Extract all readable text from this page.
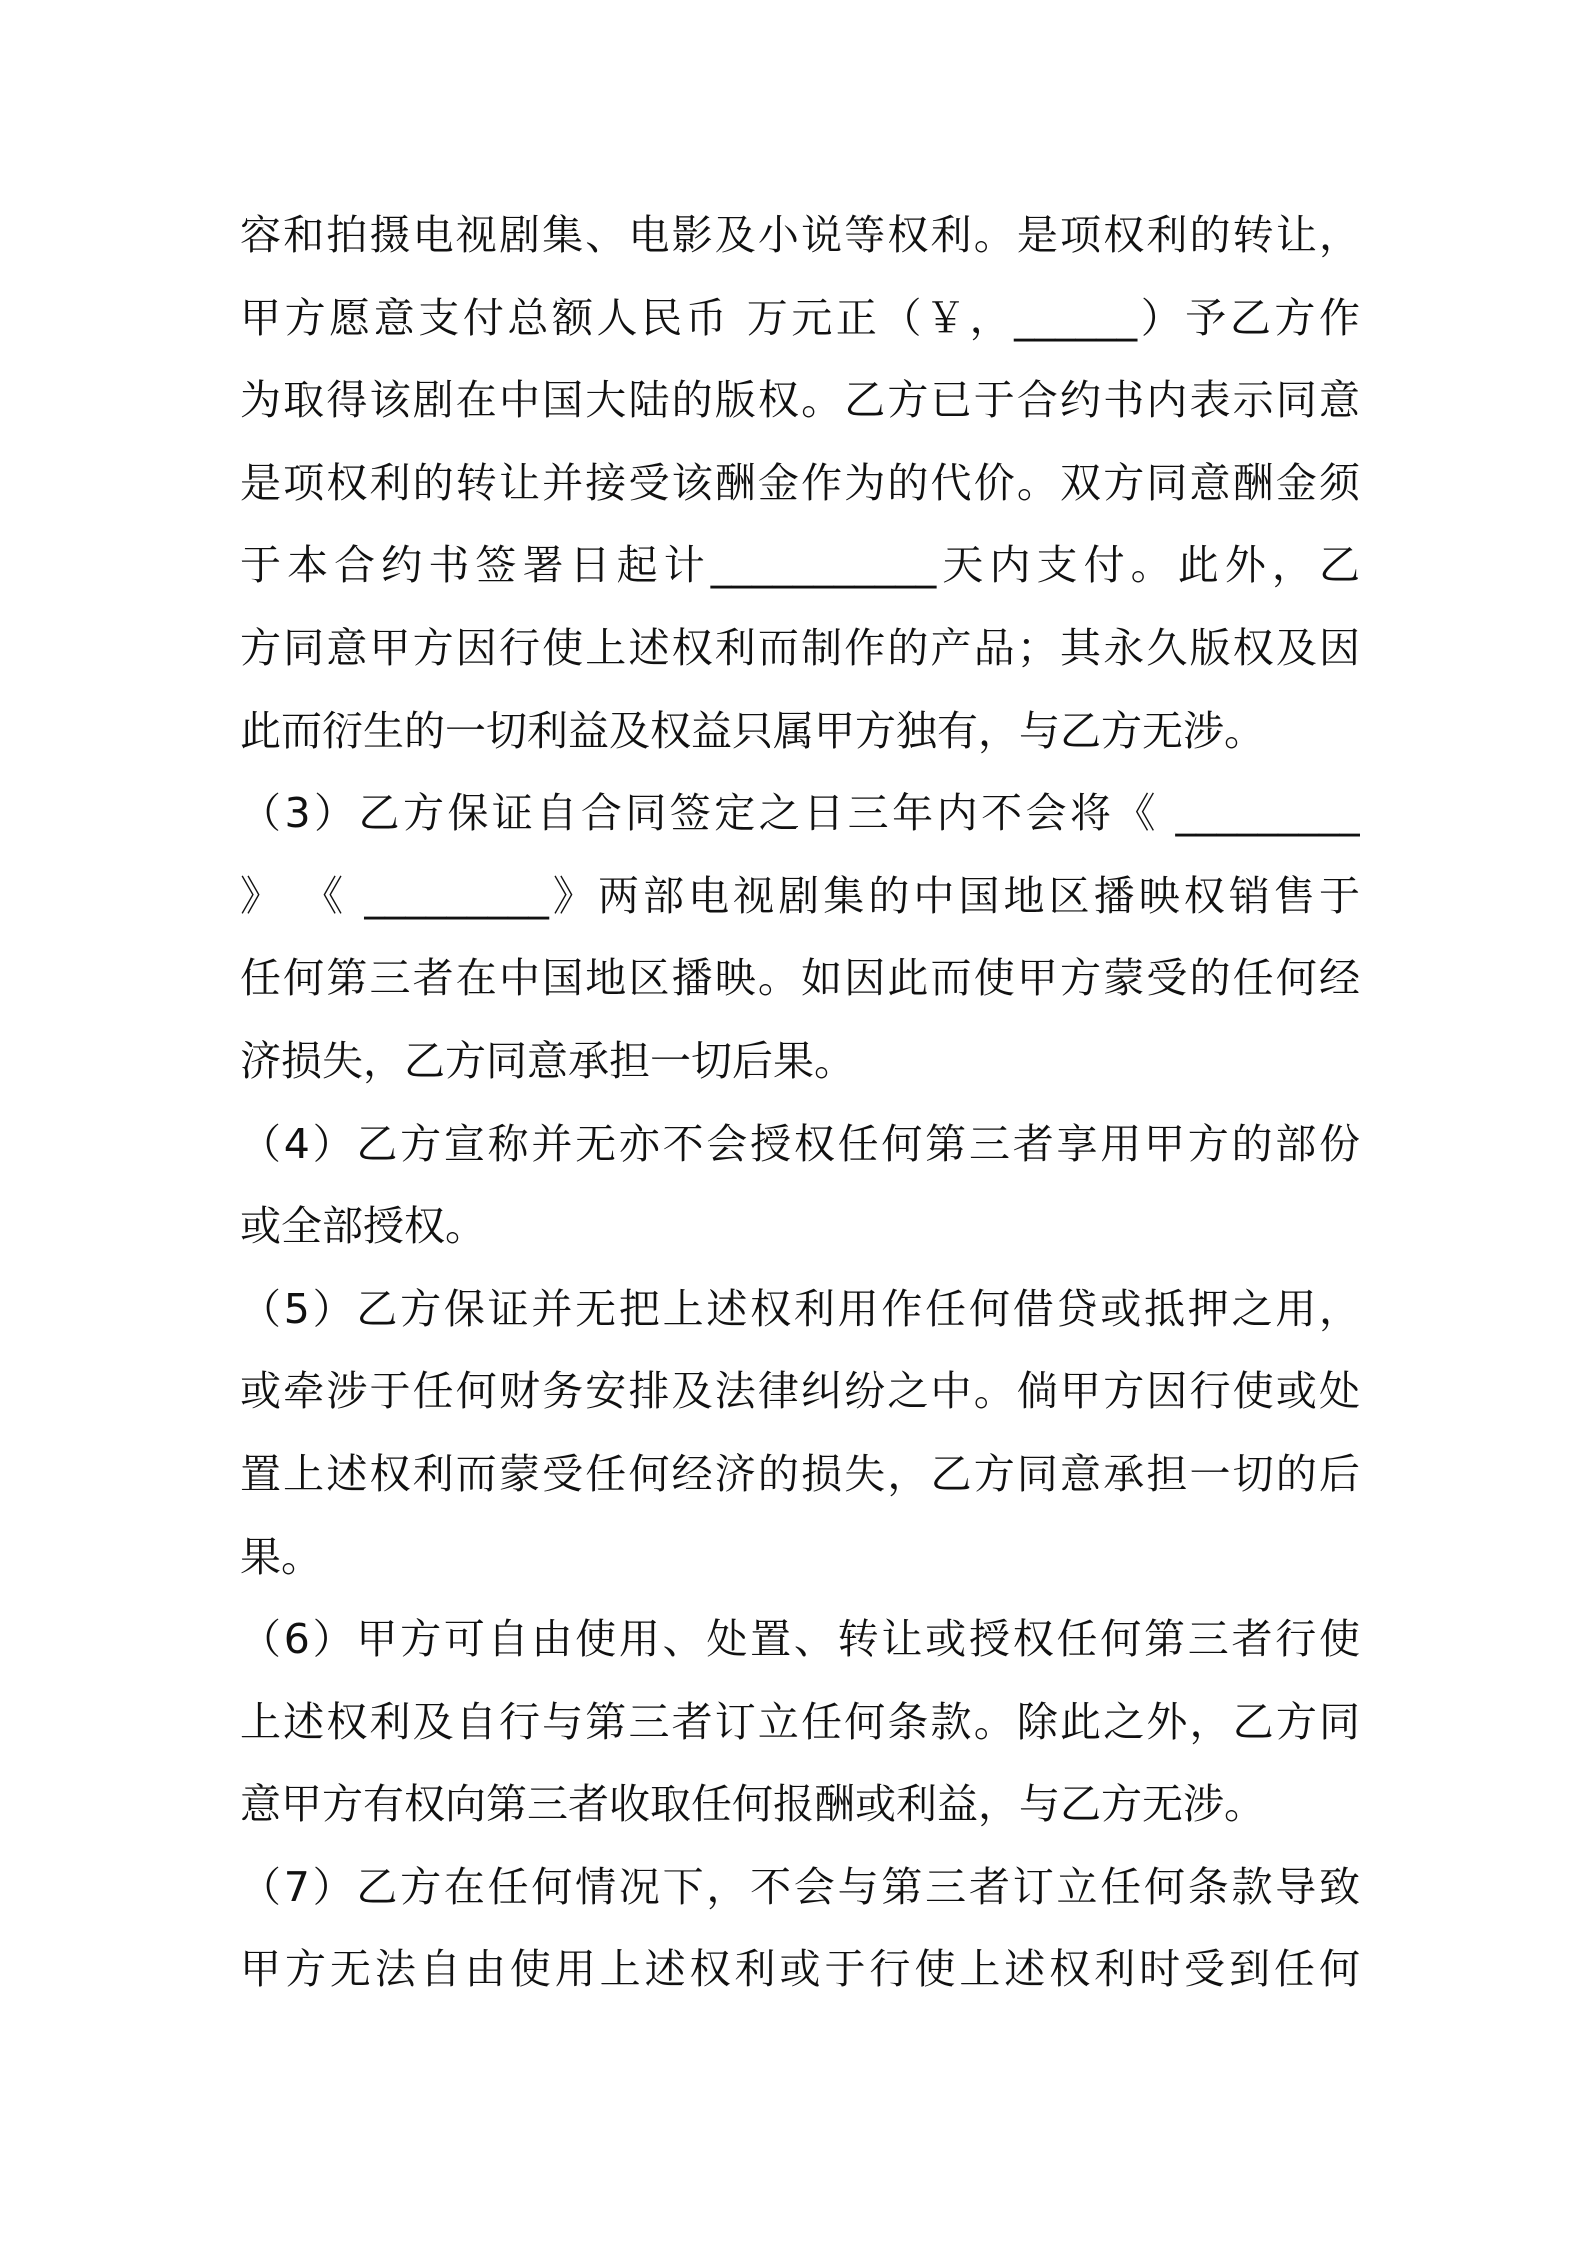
容和拍摄电视剧集、电影及小说等权利。是项权利的转让，
甲方愿意支付总额人民币 万元正（￥，______）予乙方作
为取得该剧在中国大陆的版权。乙方已于合约书内表示同意
是项权利的转让并接受该酬金作为的代价。双方同意酬金须
于本合约书签署日起计___________天内支付。此外，乙
方同意甲方因行使上述权利而制作的产品；其永久版权及因
此而衍生的一切利益及权益只属甲方独有，与乙方无涉。
（3）乙方保证自合同签定之日三年内不会将《 _________
》 《 _________》两部电视剧集的中国地区播映权销售于
任何第三者在中国地区播映。如因此而使甲方蒙受的任何经
济损失，乙方同意承担一切后果。
（4）乙方宣称并无亦不会授权任何第三者享用甲方的部份
或全部授权。
（5）乙方保证并无把上述权利用作任何借贷或抵押之用，
或牵涉于任何财务安排及法律纠纷之中。倘甲方因行使或处
置上述权利而蒙受任何经济的损失，乙方同意承担一切的后
果。
（6）甲方可自由使用、处置、转让或授权任何第三者行使
上述权利及自行与第三者订立任何条款。除此之外，乙方同
意甲方有权向第三者收取任何报酬或利益，与乙方无涉。
（7）乙方在任何情况下，不会与第三者订立任何条款导致
甲方无法自由使用上述权利或于行使上述权利时受到任何
